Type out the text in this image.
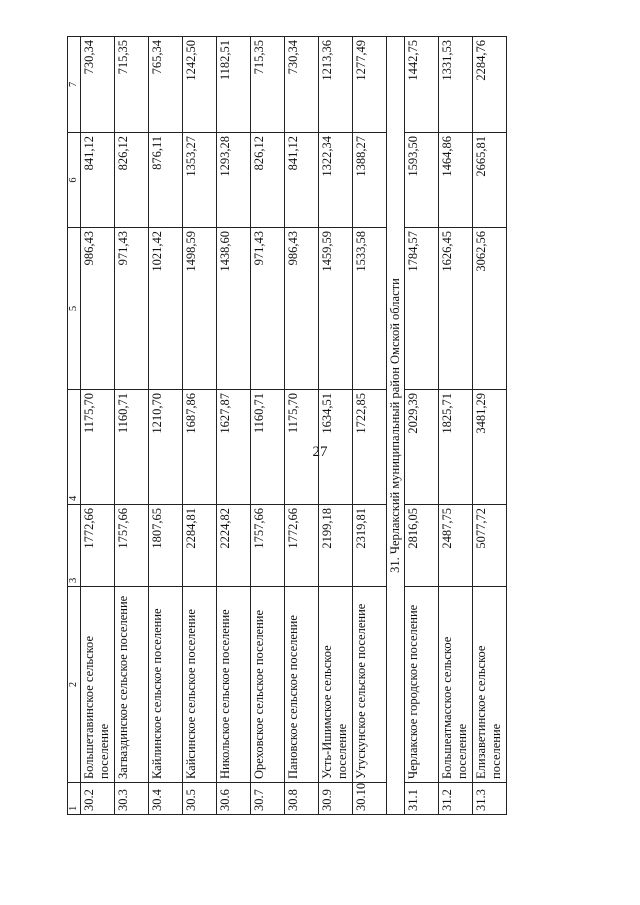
27
1	2	3	4	5	6	7
30.2	Большетавинское сельское поселение	1772,66	1175,70	986,43	841,12	730,34
30.3	Загваздинское сельское поселение	1757,66	1160,71	971,43	826,12	715,35
30.4	Кайлинское сельское поселение	1807,65	1210,70	1021,42	876,11	765,34
30.5	Кайсинское сельское поселение	2284,81	1687,86	1498,59	1353,27	1242,50
30.6	Никольское сельское поселение	2224,82	1627,87	1438,60	1293,28	1182,51
30.7	Ореховское сельское поселение	1757,66	1160,71	971,43	826,12	715,35
30.8	Пановское сельское поселение	1772,66	1175,70	986,43	841,12	730,34
30.9	Усть-Ишимское сельское поселение	2199,18	1634,51	1459,59	1322,34	1213,36
30.10	Утускунское сельское поселение	2319,81	1722,85	1533,58	1388,27	1277,49
31. Черлакский муниципальный район Омской области						
31.1	Черлакское городское поселение	2816,05	2029,39	1784,57	1593,50	1442,75
31.2	Большеатмасское сельское поселение	2487,75	1825,71	1626,45	1464,86	1331,53
31.3	Елизаветинское сельское поселение	5077,72	3481,29	3062,56	2665,81	2284,76
